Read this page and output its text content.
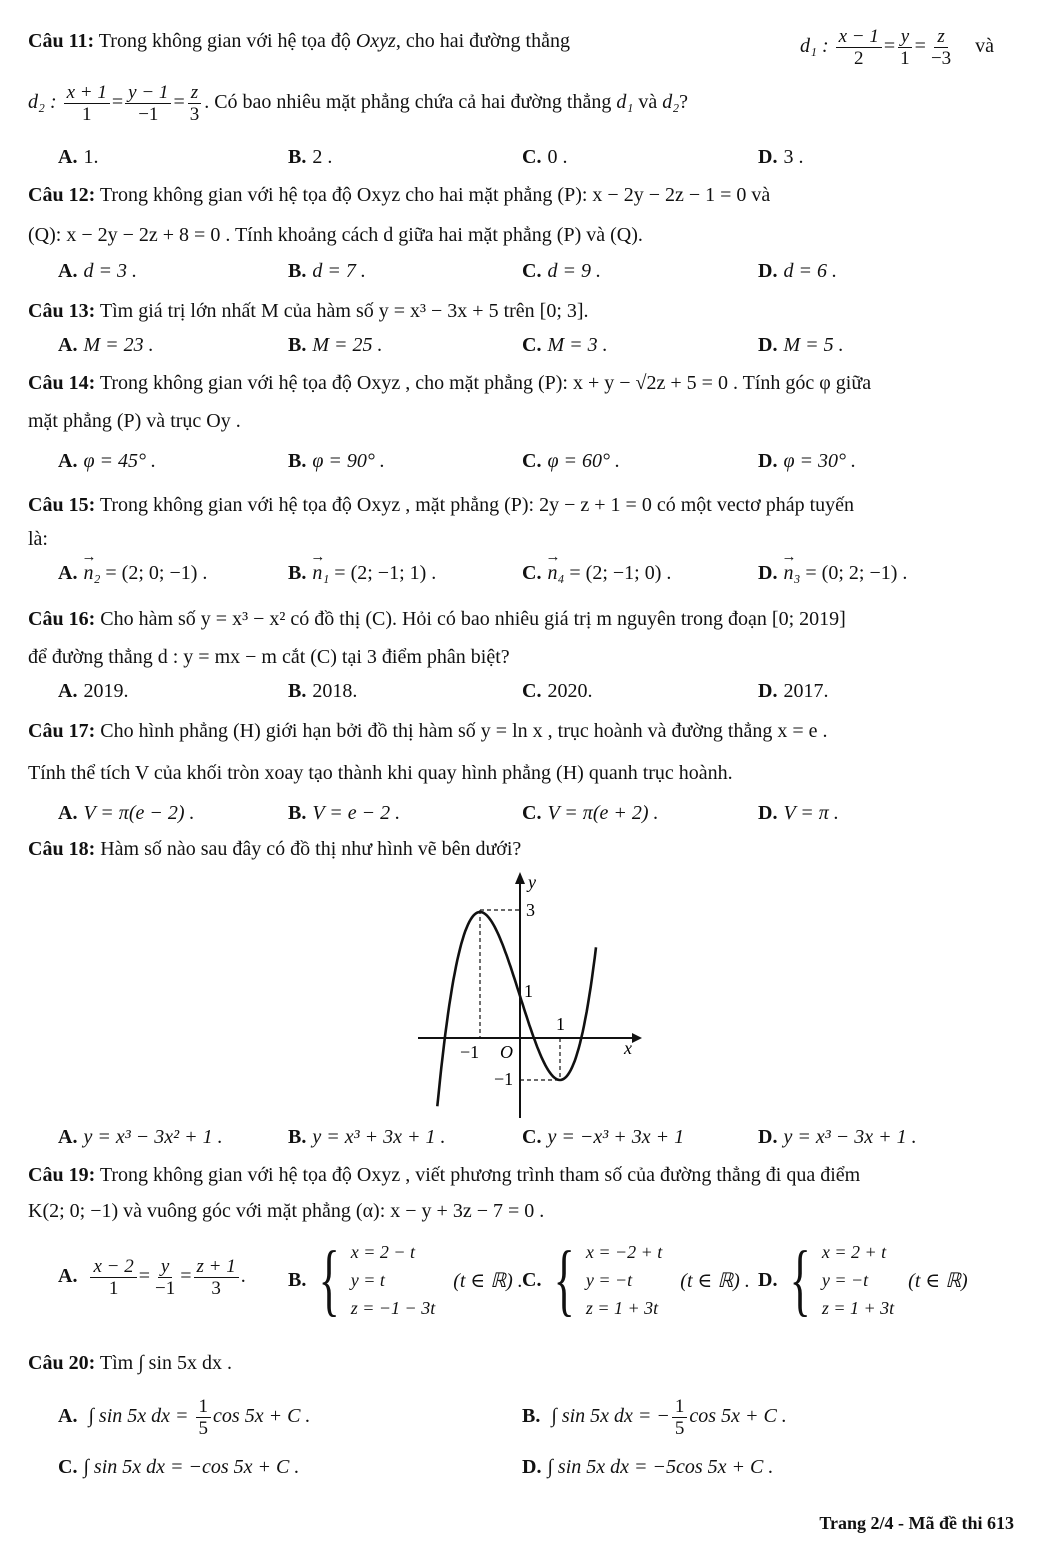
Câu 11: Trong không gian với hệ tọa độ Oxyz, cho hai đường thẳng	d₁ : $\frac{x - 1}{2} = \frac{y}{1} = \frac{z}{-3}$ và
d₂ : $\frac{x + 1}{1} = \frac{y - 1}{-1} = \frac{z}{3}$ . Có bao nhiêu mặt phẳng chứa cả hai đường thẳng d₁ và d₂?
A. 1.	B. 2 .	C. 0 .	D. 3 .
Câu 12: Trong không gian với hệ tọa độ Oxyz cho hai mặt phẳng (P): x − 2y − 2z − 1 = 0 và
(Q): x − 2y − 2z + 8 = 0 . Tính khoảng cách d giữa hai mặt phẳng (P) và (Q).
A. d = 3 .	B. d = 7 .	C. d = 9 .	D. d = 6 .
Câu 13: Tìm giá trị lớn nhất M của hàm số y = x³ − 3x + 5 trên [0; 3].
A. M = 23 .	B. M = 25 .	C. M = 3 .	D. M = 5 .
Câu 14: Trong không gian với hệ tọa độ Oxyz , cho mặt phẳng (P): x + y − √2z + 5 = 0 . Tính góc φ giữa
mặt phẳng (P) và trục Oy .
A. φ = 45° .	B. φ = 90° .	C. φ = 60° .	D. φ = 30° .
Câu 15: Trong không gian với hệ tọa độ Oxyz , mặt phẳng (P): 2y − z + 1 = 0 có một vectơ pháp tuyến
là:
A. → n₂ = (2; 0; −1) .	B. → n₁ = (2; −1; 1) .	C. → n₄ = (2; −1; 0) .	D. → n₃ = (0; 2; −1) .
Câu 16: Cho hàm số y = x³ − x² có đồ thị (C). Hỏi có bao nhiêu giá trị m nguyên trong đoạn [0; 2019]
để đường thẳng d : y = mx − m cắt (C) tại 3 điểm phân biệt?
A. 2019.	B. 2018.	C. 2020.	D. 2017.
Câu 17: Cho hình phẳng (H) giới hạn bởi đồ thị hàm số y = ln x , trục hoành và đường thẳng x = e .
Tính thể tích V của khối tròn xoay tạo thành khi quay hình phẳng (H) quanh trục hoành.
A. V = π(e − 2) .	B. V = e − 2 .	C. V = π(e + 2) .	D. V = π .
Câu 18: Hàm số nào sau đây có đồ thị như hình vẽ bên dưới?
y
x
3
1
1
−1 O
−1
A. y = x³ − 3x² + 1 .	B. y = x³ + 3x + 1 .	C. y = −x³ + 3x + 1	D. y = x³ − 3x + 1 .
Câu 19: Trong không gian với hệ tọa độ Oxyz , viết phương trình tham số của đường thẳng đi qua điểm
K(2; 0; −1) và vuông góc với mặt phẳng (α): x − y + 3z − 7 = 0 .
A. $\frac{x - 2}{1} = \frac{y}{-1} = \frac{z + 1}{3}$ . B. { x = 2 − t
y = t
z = −1 − 3t
(t ∈ ℝ) . C. { x = −2 + t
y = −t
z = 1 + 3t
(t ∈ ℝ) . D. { x = 2 + t
y = −t
z = 1 + 3t
(t ∈ ℝ)
Câu 20: Tìm ∫ sin 5x dx .
A. ∫ sin 5x dx = $\frac{1}{5}$ cos 5x + C .	B. ∫ sin 5x dx = − $\frac{1}{5}$ cos 5x + C .
C. ∫ sin 5x dx = −cos 5x + C .	D. ∫ sin 5x dx = −5cos 5x + C .
Trang 2/4 - Mã đề thi 613
